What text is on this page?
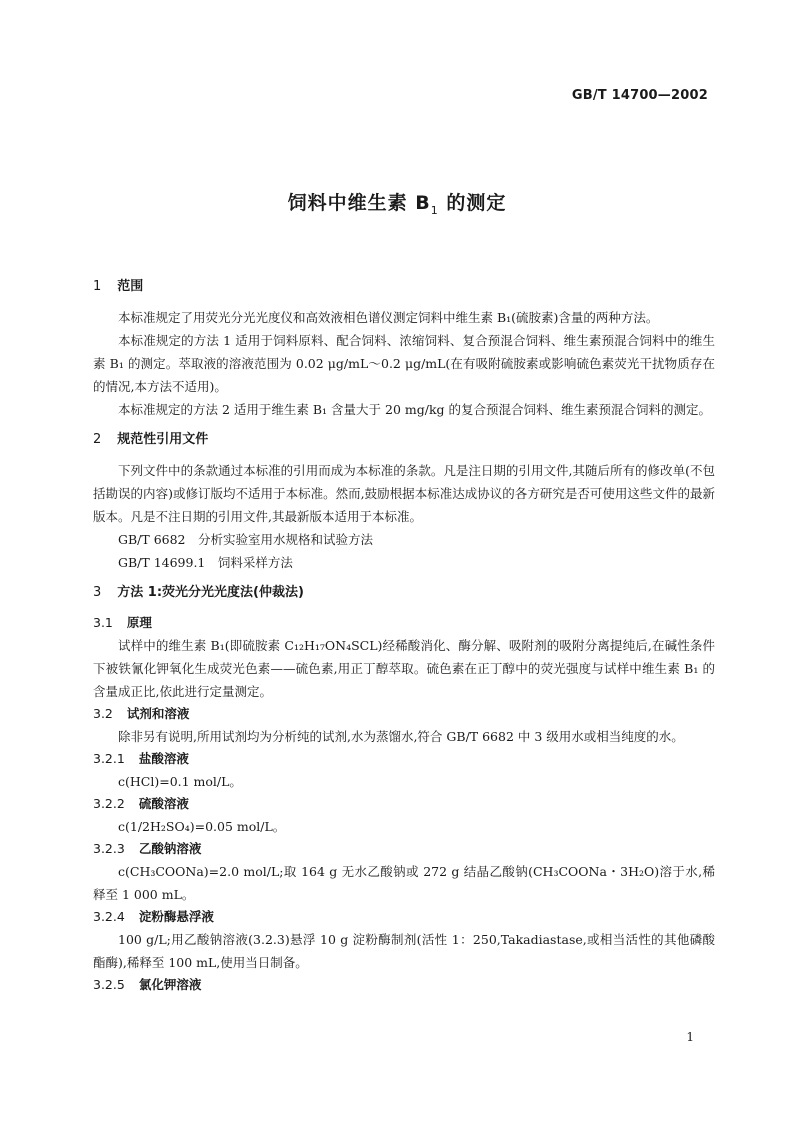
GB/T 14700—2002
饲料中维生素 $B_1$ 的测定
1 范围

本标准规定了用荧光分光光度仪和高效液相色谱仪测定饲料中维生素 B₁(硫胺素)含量的两种方法。

本标准规定的方法 1 适用于饲料原料、配合饲料、浓缩饲料、复合预混合饲料、维生素预混合饲料中的维生素 B₁ 的测定。萃取液的溶液范围为 0.02 μg/mL～0.2 μg/mL(在有吸附硫胺素或影响硫色素荧光干扰物质存在的情况,本方法不适用)。

本标准规定的方法 2 适用于维生素 B₁ 含量大于 20 mg/kg 的复合预混合饲料、维生素预混合饲料的测定。

2 规范性引用文件

下列文件中的条款通过本标准的引用而成为本标准的条款。凡是注日期的引用文件,其随后所有的修改单(不包括勘误的内容)或修订版均不适用于本标准。然而,鼓励根据本标准达成协议的各方研究是否可使用这些文件的最新版本。凡是不注日期的引用文件,其最新版本适用于本标准。

GB/T 6682　分析实验室用水规格和试验方法

GB/T 14699.1　饲料采样方法

3 方法 1:荧光分光光度法(仲裁法)
3.1 原理

试样中的维生素 B₁(即硫胺素 C₁₂H₁₇ON₄SCL)经稀酸消化、酶分解、吸附剂的吸附分离提纯后,在碱性条件下被铁氰化钾氧化生成荧光色素——硫色素,用正丁醇萃取。硫色素在正丁醇中的荧光强度与试样中维生素 B₁ 的含量成正比,依此进行定量测定。

3.2 试剂和溶液

除非另有说明,所用试剂均为分析纯的试剂,水为蒸馏水,符合 GB/T 6682 中 3 级用水或相当纯度的水。

3.2.1 盐酸溶液

c(HCl)=0.1 mol/L。

3.2.2 硫酸溶液

c(1/2H₂SO₄)=0.05 mol/L。

3.2.3 乙酸钠溶液

c(CH₃COONa)=2.0 mol/L;取 164 g 无水乙酸钠或 272 g 结晶乙酸钠(CH₃COONa・3H₂O)溶于水,稀释至 1 000 mL。

3.2.4 淀粉酶悬浮液

100 g/L;用乙酸钠溶液(3.2.3)悬浮 10 g 淀粉酶制剂(活性 1：250,Takadiastase,或相当活性的其他磷酸酯酶),稀释至 100 mL,使用当日制备。

3.2.5 氯化钾溶液
1
